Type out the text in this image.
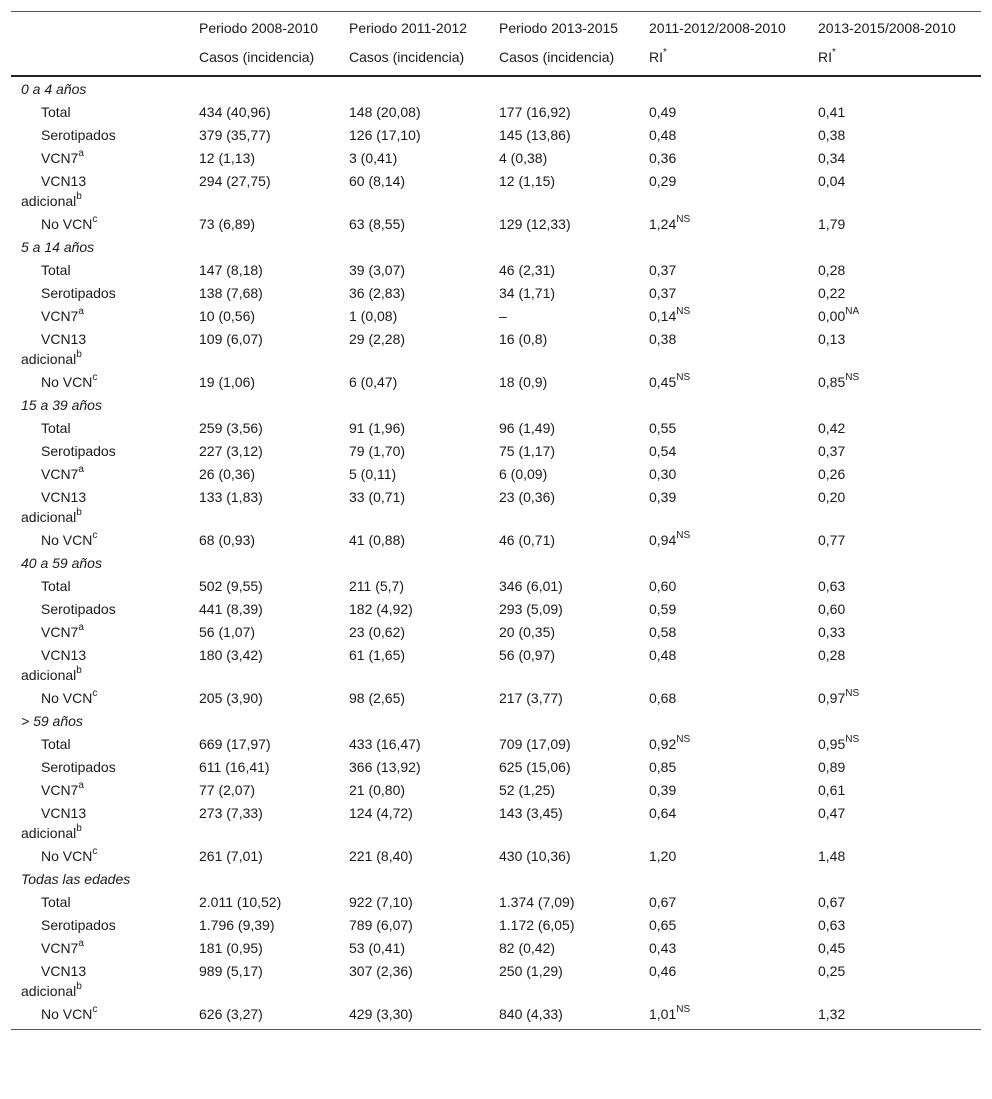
	Periodo 2008-2010	Periodo 2011-2012	Periodo 2013-2015	2011-2012/2008-2010	2013-2015/2008-2010
	Casos (incidencia)	Casos (incidencia)	Casos (incidencia)	RI*	RI*
0 a 4 años					
Total	434 (40,96)	148 (20,08)	177 (16,92)	0,49	0,41
Serotipados	379 (35,77)	126 (17,10)	145 (13,86)	0,48	0,38
VCN7$^a$	12 (1,13)	3 (0,41)	4 (0,38)	0,36	0,34
VCN13
adicional$^b$	294 (27,75)	60 (8,14)	12 (1,15)	0,29	0,04
No VCN$^c$	73 (6,89)	63 (8,55)	129 (12,33)	$1,24^{NS}$	1,79
5 a 14 años					
Total	147 (8,18)	39 (3,07)	46 (2,31)	0,37	0,28
Serotipados	138 (7,68)	36 (2,83)	34 (1,71)	0,37	0,22
VCN7$^a$	10 (0,56)	1 (0,08)	–	$0,14^{NS}$	$0,00^{NA}$
VCN13
adicional$^b$	109 (6,07)	29 (2,28)	16 (0,8)	0,38	0,13
No VCN$^c$	19 (1,06)	6 (0,47)	18 (0,9)	$0,45^{NS}$	$0,85^{NS}$
15 a 39 años					
Total	259 (3,56)	91 (1,96)	96 (1,49)	0,55	0,42
Serotipados	227 (3,12)	79 (1,70)	75 (1,17)	0,54	0,37
VCN7$^a$	26 (0,36)	5 (0,11)	6 (0,09)	0,30	0,26
VCN13
adicional$^b$	133 (1,83)	33 (0,71)	23 (0,36)	0,39	0,20
No VCN$^c$	68 (0,93)	41 (0,88)	46 (0,71)	$0,94^{NS}$	0,77
40 a 59 años					
Total	502 (9,55)	211 (5,7)	346 (6,01)	0,60	0,63
Serotipados	441 (8,39)	182 (4,92)	293 (5,09)	0,59	0,60
VCN7$^a$	56 (1,07)	23 (0,62)	20 (0,35)	0,58	0,33
VCN13
adicional$^b$	180 (3,42)	61 (1,65)	56 (0,97)	0,48	0,28
No VCN$^c$	205 (3,90)	98 (2,65)	217 (3,77)	0,68	$0,97^{NS}$
> 59 años					
Total	669 (17,97)	433 (16,47)	709 (17,09)	$0,92^{NS}$	$0,95^{NS}$
Serotipados	611 (16,41)	366 (13,92)	625 (15,06)	0,85	0,89
VCN7$^a$	77 (2,07)	21 (0,80)	52 (1,25)	0,39	0,61
VCN13
adicional$^b$	273 (7,33)	124 (4,72)	143 (3,45)	0,64	0,47
No VCN$^c$	261 (7,01)	221 (8,40)	430 (10,36)	1,20	1,48
Todas las edades					
Total	2.011 (10,52)	922 (7,10)	1.374 (7,09)	0,67	0,67
Serotipados	1.796 (9,39)	789 (6,07)	1.172 (6,05)	0,65	0,63
VCN7$^a$	181 (0,95)	53 (0,41)	82 (0,42)	0,43	0,45
VCN13
adicional$^b$	989 (5,17)	307 (2,36)	250 (1,29)	0,46	0,25
No VCN$^c$	626 (3,27)	429 (3,30)	840 (4,33)	$1,01^{NS}$	1,32
